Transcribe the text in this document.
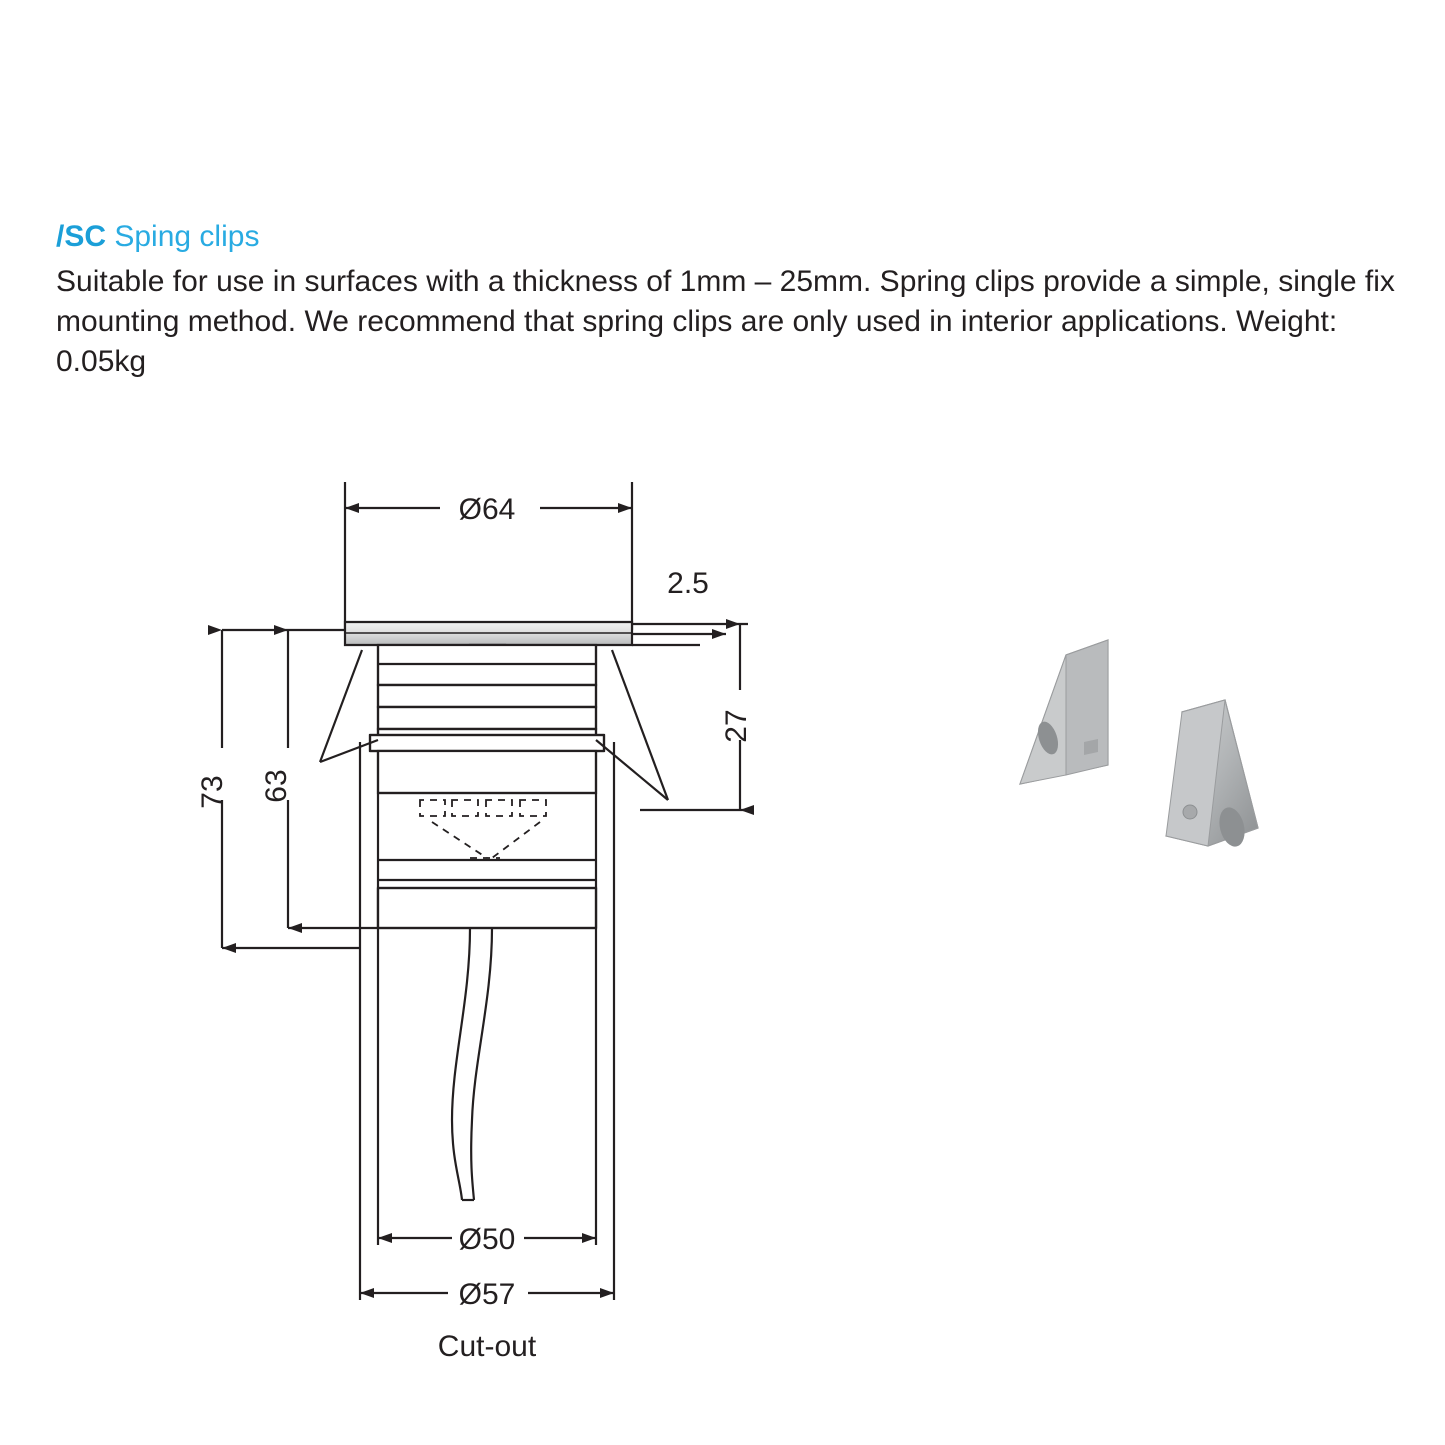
/SC Sping clips

Suitable for use in surfaces with a thickness of 1mm – 25mm. Spring clips provide a simple, single fix mounting method. We recommend that spring clips are only used in interior applications. Weight: 0.05kg

Ø64
2.5
27
63
73
Ø50
Ø57
Cut-out
